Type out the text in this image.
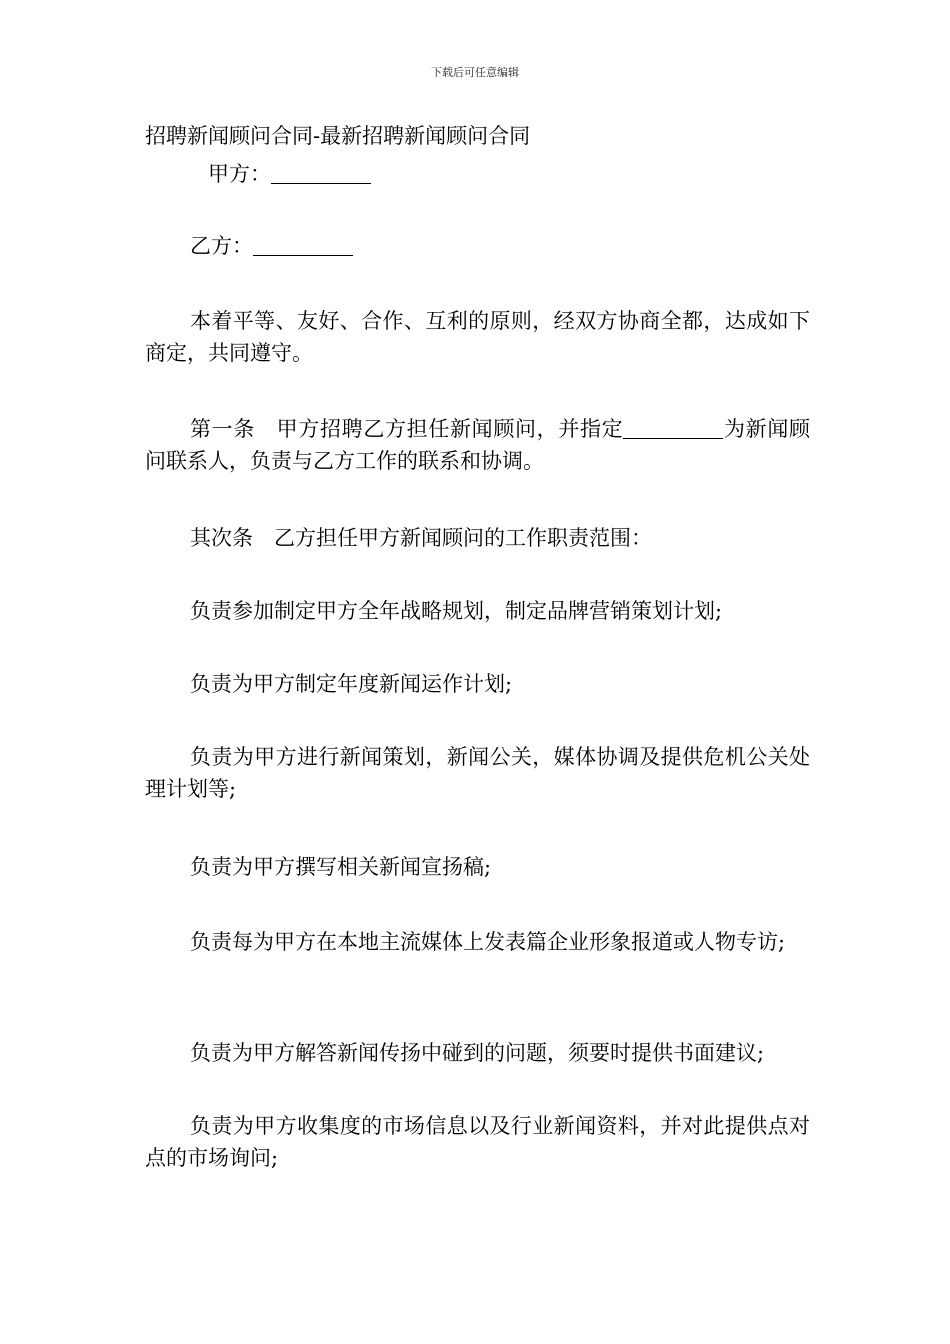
下载后可任意编辑
招聘新闻顾问合同-最新招聘新闻顾问合同
甲方：
乙方：
本着平等、友好、合作、互利的原则，经双方协商全都，达成如下商定，共同遵守。
第一条　甲方招聘乙方担任新闻顾问，并指定	为新闻顾问联系人，负责与乙方工作的联系和协调。
其次条　乙方担任甲方新闻顾问的工作职责范围：
负责参加制定甲方全年战略规划，制定品牌营销策划计划;
负责为甲方制定年度新闻运作计划;
负责为甲方进行新闻策划，新闻公关，媒体协调及提供危机公关处理计划等;
负责为甲方撰写相关新闻宣扬稿;
负责每为甲方在本地主流媒体上发表篇企业形象报道或人物专访;
负责为甲方解答新闻传扬中碰到的问题，须要时提供书面建议;
负责为甲方收集度的市场信息以及行业新闻资料，并对此提供点对点的市场询问;
